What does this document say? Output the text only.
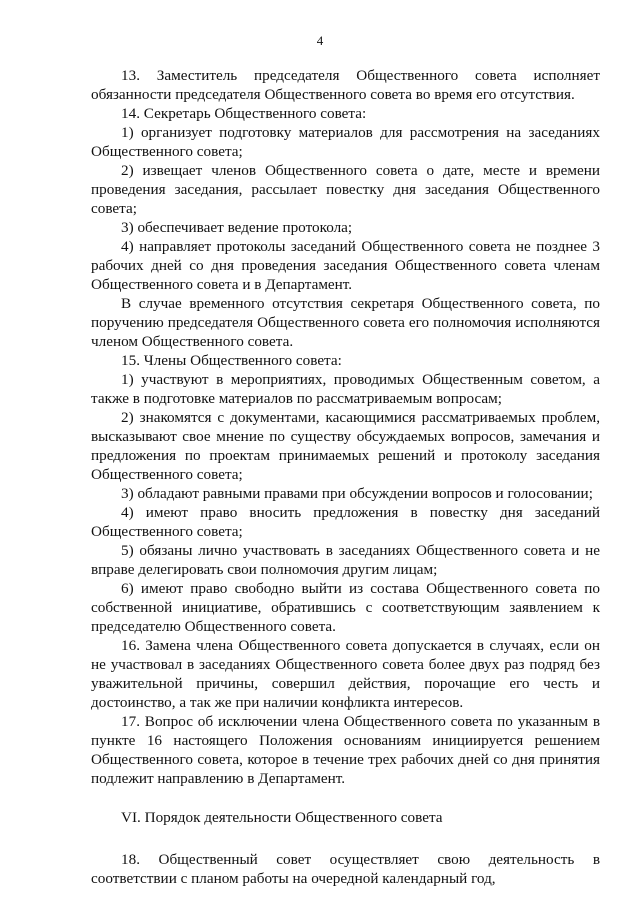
4

13. Заместитель председателя Общественного совета исполняет обязанности председателя Общественного совета во время его отсутствия.

14. Секретарь Общественного совета:

1) организует подготовку материалов для рассмотрения на заседаниях Общественного совета;

2) извещает членов Общественного совета о дате, месте и времени проведения заседания, рассылает повестку дня заседания Общественного совета;

3) обеспечивает ведение протокола;

4) направляет протоколы заседаний Общественного совета не позднее 3 рабочих дней со дня проведения заседания Общественного совета членам Общественного совета и в Департамент.

В случае временного отсутствия секретаря Общественного совета, по поручению председателя Общественного совета его полномочия исполняются членом Общественного совета.

15. Члены Общественного совета:

1) участвуют в мероприятиях, проводимых Общественным советом, а также в подготовке материалов по рассматриваемым вопросам;

2) знакомятся с документами, касающимися рассматриваемых проблем, высказывают свое мнение по существу обсуждаемых вопросов, замечания и предложения по проектам принимаемых решений и протоколу заседания Общественного совета;

3) обладают равными правами при обсуждении вопросов и голосовании;

4) имеют право вносить предложения в повестку дня заседаний Общественного совета;

5) обязаны лично участвовать в заседаниях Общественного совета и не вправе делегировать свои полномочия другим лицам;

6) имеют право свободно выйти из состава Общественного совета по собственной инициативе, обратившись с соответствующим заявлением к председателю Общественного совета.

16. Замена члена Общественного совета допускается в случаях, если он не участвовал в заседаниях Общественного совета более двух раз подряд без уважительной причины, совершил действия, порочащие его честь и достоинство, а так же при наличии конфликта интересов.

17. Вопрос об исключении члена Общественного совета по указанным в пункте 16 настоящего Положения основаниям инициируется решением Общественного совета, которое в течение трех рабочих дней со дня принятия подлежит направлению в Департамент.

VI. Порядок деятельности Общественного совета

18. Общественный совет осуществляет свою деятельность в соответствии с планом работы на очередной календарный год,
